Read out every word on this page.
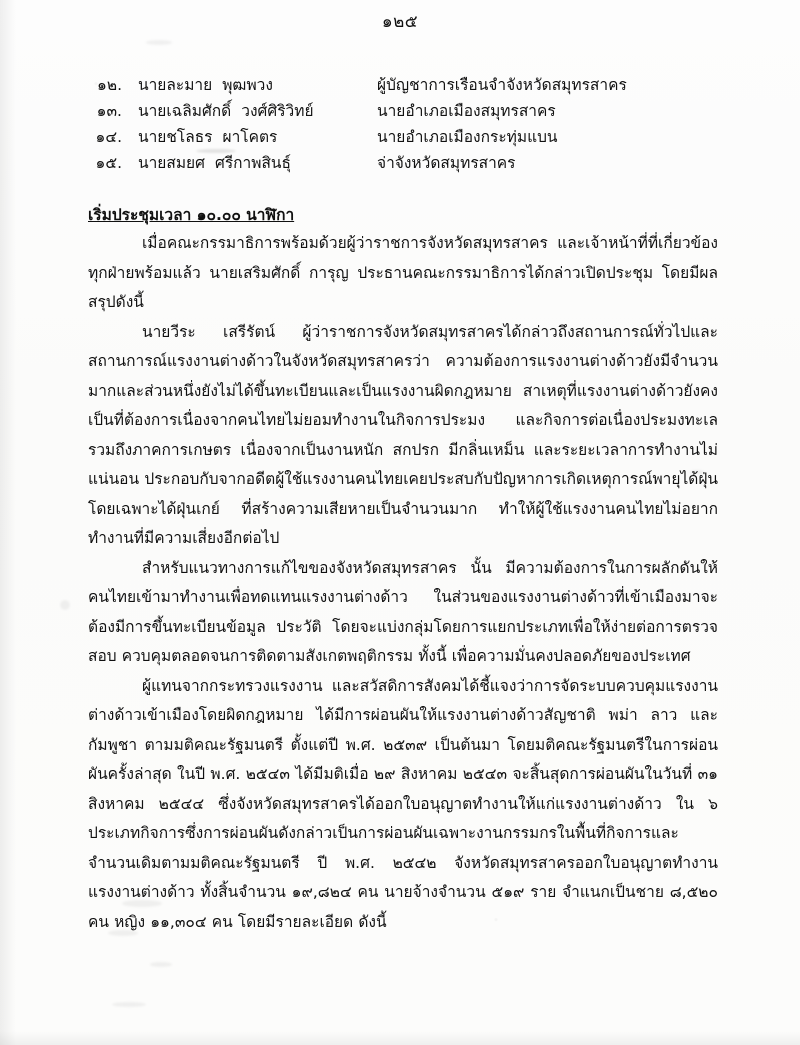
๑๒๕
๑๒.	นายละมาย พุฒพวง	ผู้บัญชาการเรือนจำจังหวัดสมุทรสาคร
๑๓.	นายเฉลิมศักดิ์ วงศ์ศิริวิทย์	นายอำเภอเมืองสมุทรสาคร
๑๔.	นายชโลธร ผาโคตร	นายอำเภอเมืองกระทุ่มแบน
๑๕.	นายสมยศ ศรีกาพสินธุ์	จ่าจังหวัดสมุทรสาคร
เริ่มประชุมเวลา ๑๐.๐๐ นาฬิกา

เมื่อคณะกรรมาธิการพร้อมด้วยผู้ว่าราชการจังหวัดสมุทรสาคร และเจ้าหน้าที่ที่เกี่ยวข้องทุกฝ่ายพร้อมแล้ว นายเสริมศักดิ์ การุญ ประธานคณะกรรมาธิการได้กล่าวเปิดประชุม โดยมีผลสรุปดังนี้

นายวีระ เสรีรัตน์ ผู้ว่าราชการจังหวัดสมุทรสาครได้กล่าวถึงสถานการณ์ทั่วไปและสถานการณ์แรงงานต่างด้าวในจังหวัดสมุทรสาครว่า ความต้องการแรงงานต่างด้าวยังมีจำนวนมากและส่วนหนึ่งยังไม่ได้ขึ้นทะเบียนและเป็นแรงงานผิดกฎหมาย สาเหตุที่แรงงานต่างด้าวยังคงเป็นที่ต้องการเนื่องจากคนไทยไม่ยอมทำงานในกิจการประมง และกิจการต่อเนื่องประมงทะเล รวมถึงภาคการเกษตร เนื่องจากเป็นงานหนัก สกปรก มีกลิ่นเหม็น และระยะเวลาการทำงานไม่แน่นอน ประกอบกับจากอดีตผู้ใช้แรงงานคนไทยเคยประสบกับปัญหาการเกิดเหตุการณ์พายุได้ฝุ่นโดยเฉพาะได้ฝุ่นเกย์ ที่สร้างความเสียหายเป็นจำนวนมาก ทำให้ผู้ใช้แรงงานคนไทยไม่อยากทำงานที่มีความเสี่ยงอีกต่อไป

สำหรับแนวทางการแก้ไขของจังหวัดสมุทรสาคร นั้น มีความต้องการในการผลักดันให้คนไทยเข้ามาทำงานเพื่อทดแทนแรงงานต่างด้าว ในส่วนของแรงงานต่างด้าวที่เข้าเมืองมาจะต้องมีการขึ้นทะเบียนข้อมูล ประวัติ โดยจะแบ่งกลุ่มโดยการแยกประเภทเพื่อให้ง่ายต่อการตรวจสอบ ควบคุมตลอดจนการติดตามสังเกตพฤติกรรม ทั้งนี้ เพื่อความมั่นคงปลอดภัยของประเทศ

ผู้แทนจากกระทรวงแรงงาน และสวัสดิการสังคมได้ชี้แจงว่าการจัดระบบควบคุมแรงงานต่างด้าวเข้าเมืองโดยผิดกฎหมาย ได้มีการผ่อนผันให้แรงงานต่างด้าวสัญชาติ พม่า ลาว และกัมพูชา ตามมติคณะรัฐมนตรี ตั้งแต่ปี พ.ศ. ๒๕๓๙ เป็นต้นมา โดยมติคณะรัฐมนตรีในการผ่อนผันครั้งล่าสุด ในปี พ.ศ. ๒๕๔๓ ได้มีมติเมื่อ ๒๙ สิงหาคม ๒๕๔๓ จะสิ้นสุดการผ่อนผันในวันที่ ๓๑ สิงหาคม ๒๕๔๔ ซึ่งจังหวัดสมุทรสาครได้ออกใบอนุญาตทำงานให้แก่แรงงานต่างด้าว ใน ๖ ประเภทกิจการซึ่งการผ่อนผันดังกล่าวเป็นการผ่อนผันเฉพาะงานกรรมกรในพื้นที่กิจการและจำนวนเดิมตามมติคณะรัฐมนตรี ปี พ.ศ. ๒๕๔๒ จังหวัดสมุทรสาครออกใบอนุญาตทำงานแรงงานต่างด้าว ทั้งสิ้นจำนวน ๑๙,๘๒๔ คน นายจ้างจำนวน ๕๑๙ ราย จำแนกเป็นชาย ๘,๕๒๐ คน หญิง ๑๑,๓๐๔ คน โดยมีรายละเอียด ดังนี้
